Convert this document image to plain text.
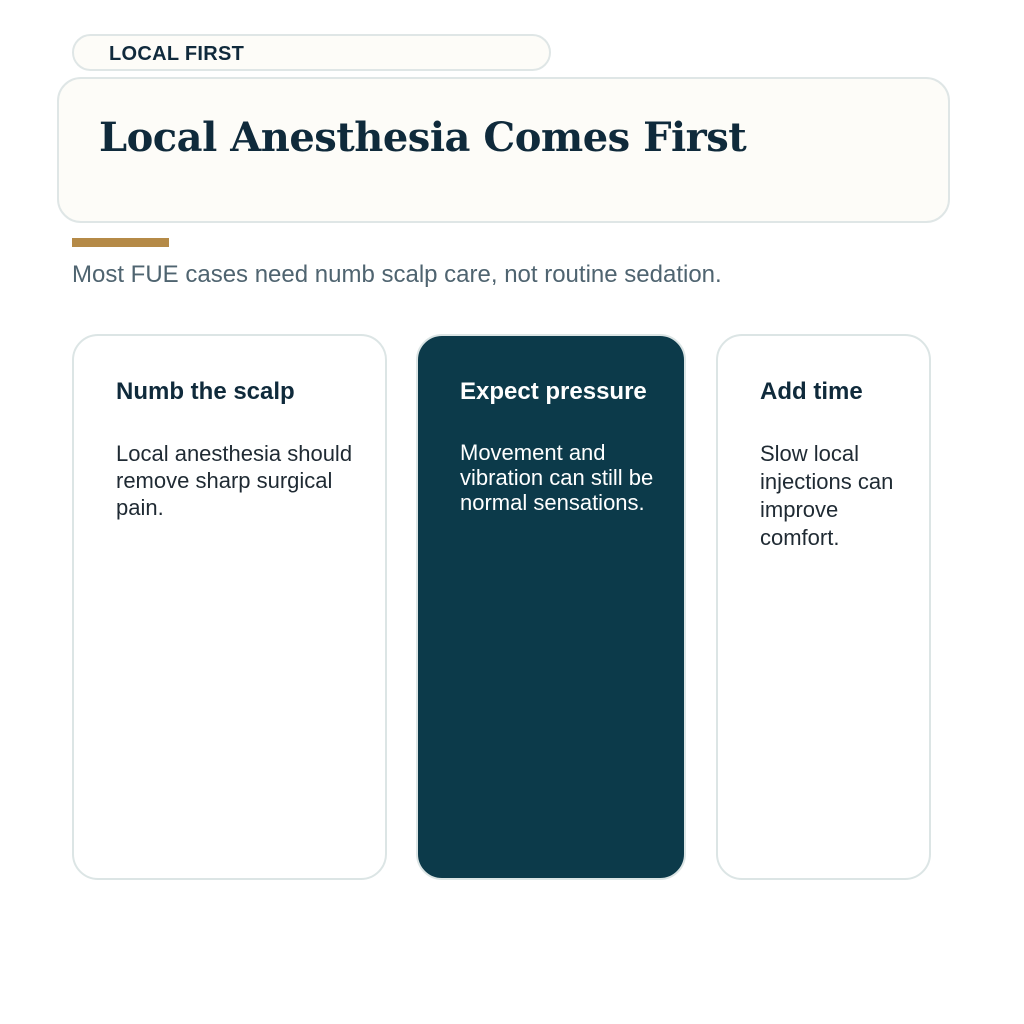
LOCAL FIRST
Local Anesthesia Comes First
Most FUE cases need numb scalp care, not routine sedation.
Numb the scalp

Local anesthesia should remove sharp surgical pain.

Expect pressure

Movement and vibration can still be normal sensations.

Add time

Slow local injections can improve comfort.
